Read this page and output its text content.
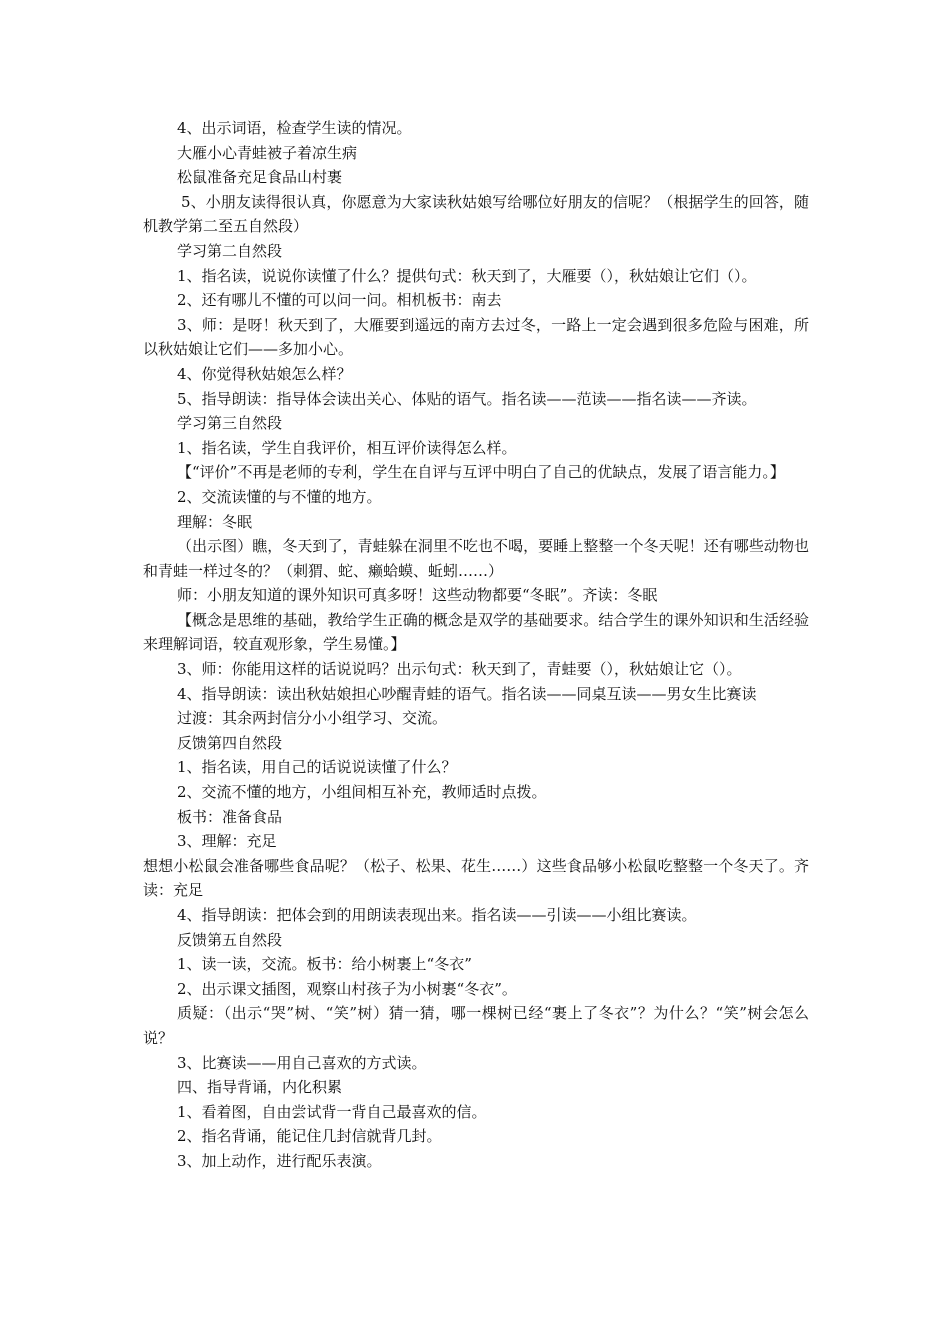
4、出示词语，检查学生读的情况。

大雁小心青蛙被子着凉生病

松鼠准备充足食品山村裹

5、小朋友读得很认真，你愿意为大家读秋姑娘写给哪位好朋友的信呢？（根据学生的回答，随机教学第二至五自然段）

学习第二自然段

1、指名读，说说你读懂了什么？提供句式：秋天到了，大雁要（），秋姑娘让它们（）。

2、还有哪儿不懂的可以问一问。相机板书：南去

3、师：是呀！秋天到了，大雁要到遥远的南方去过冬，一路上一定会遇到很多危险与困难，所以秋姑娘让它们——多加小心。

4、你觉得秋姑娘怎么样？

5、指导朗读：指导体会读出关心、体贴的语气。指名读——范读——指名读——齐读。

学习第三自然段

1、指名读，学生自我评价，相互评价读得怎么样。

【“评价”不再是老师的专利，学生在自评与互评中明白了自己的优缺点，发展了语言能力。】

2、交流读懂的与不懂的地方。

理解：冬眠

（出示图）瞧，冬天到了，青蛙躲在洞里不吃也不喝，要睡上整整一个冬天呢！还有哪些动物也和青蛙一样过冬的？（刺猬、蛇、癞蛤蟆、蚯蚓……）

师：小朋友知道的课外知识可真多呀！这些动物都要“冬眠”。齐读：冬眠

【概念是思维的基础，教给学生正确的概念是双学的基础要求。结合学生的课外知识和生活经验来理解词语，较直观形象，学生易懂。】

3、师：你能用这样的话说说吗？出示句式：秋天到了，青蛙要（），秋姑娘让它（）。

4、指导朗读：读出秋姑娘担心吵醒青蛙的语气。指名读——同桌互读——男女生比赛读

过渡：其余两封信分小小组学习、交流。

反馈第四自然段

1、指名读，用自己的话说说读懂了什么？

2、交流不懂的地方，小组间相互补充，教师适时点拨。

板书：准备食品

3、理解：充足

想想小松鼠会准备哪些食品呢？（松子、松果、花生……）这些食品够小松鼠吃整整一个冬天了。齐读：充足

4、指导朗读：把体会到的用朗读表现出来。指名读——引读——小组比赛读。

反馈第五自然段

1、读一读，交流。板书：给小树裹上“冬衣”

2、出示课文插图，观察山村孩子为小树裹“冬衣”。

质疑：（出示“哭”树、“笑”树）猜一猜，哪一棵树已经“裹上了冬衣”？为什么？“笑”树会怎么说？

3、比赛读——用自己喜欢的方式读。

四、指导背诵，内化积累

1、看着图，自由尝试背一背自己最喜欢的信。

2、指名背诵，能记住几封信就背几封。

3、加上动作，进行配乐表演。
